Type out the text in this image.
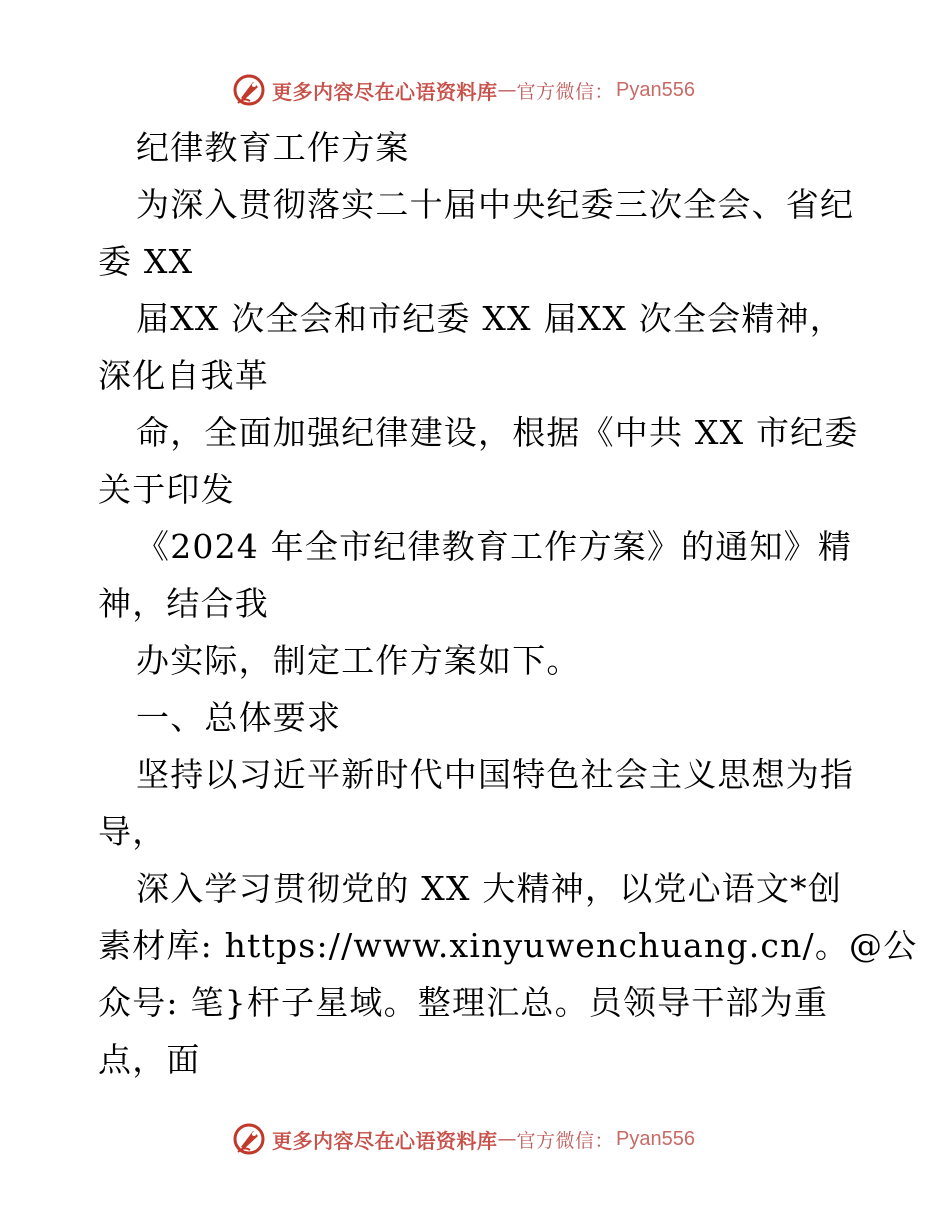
更多内容尽在心语资料库 — 官方微信： Pyan556
纪律教育工作方案
为深入贯彻落实二十届中央纪委三次全会、省纪
委 XX
届XX 次全会和市纪委 XX 届XX 次全会精神，
深化自我革
命，全面加强纪律建设，根据《中共 XX 市纪委
关于印发
《2024 年全市纪律教育工作方案》的通知》精
神，结合我
办实际，制定工作方案如下。
一、总体要求
坚持以习近平新时代中国特色社会主义思想为指
导，
深入学习贯彻党的 XX 大精神，以党心语文*创
素材库: https://www.xinyuwenchuang.cn/。@公
众号: 笔}杆子星域。整理汇总。员领导干部为重
点，面
更多内容尽在心语资料库 — 官方微信： Pyan556
